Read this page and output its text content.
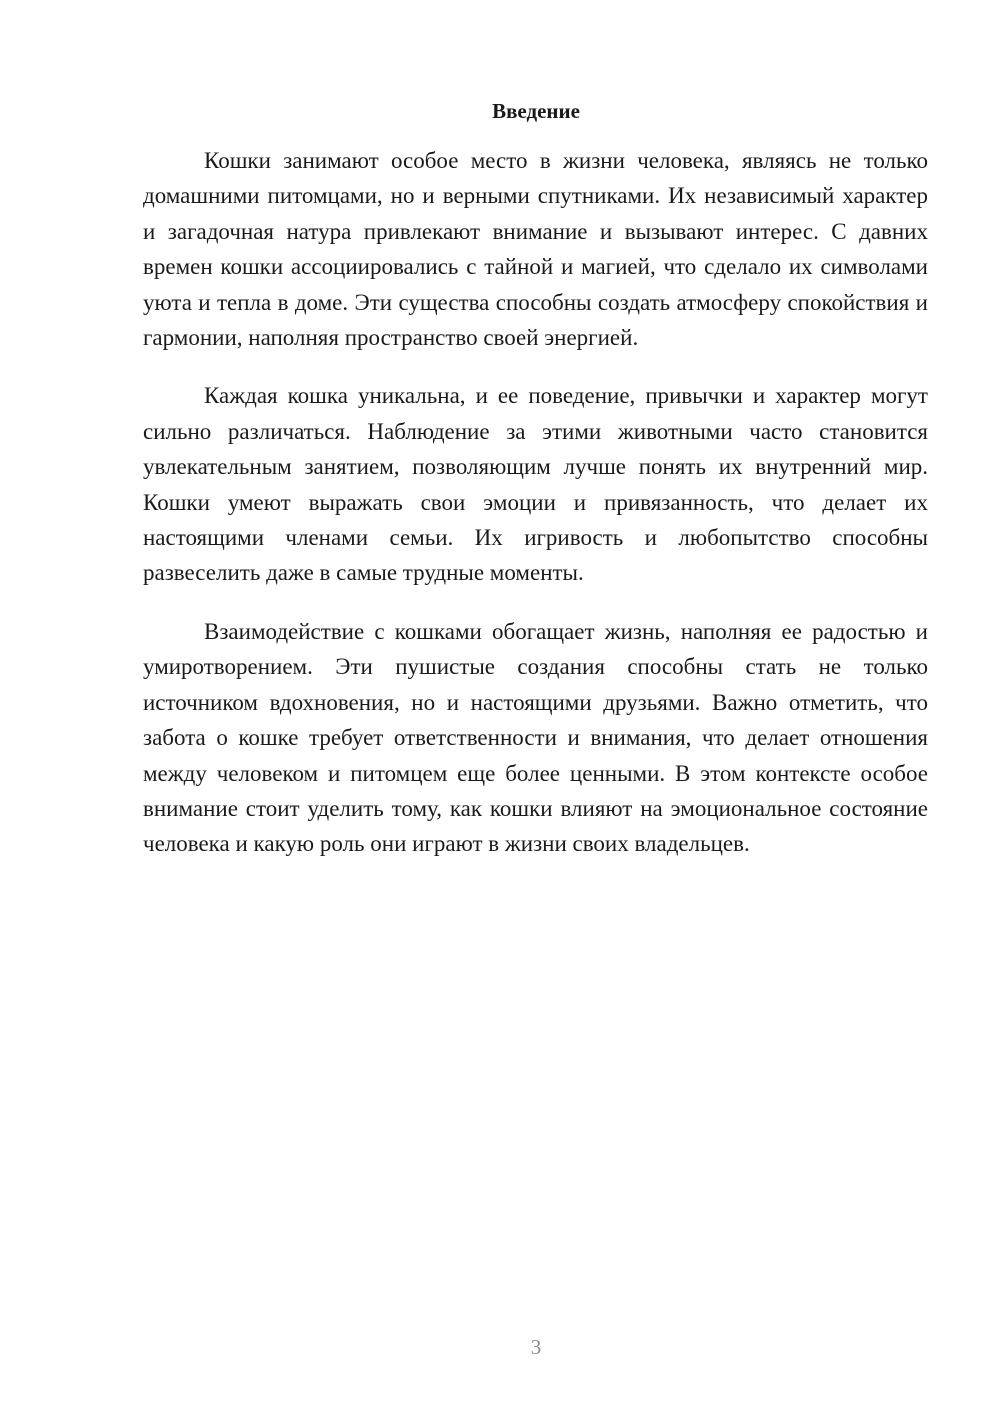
Введение

Кошки занимают особое место в жизни человека, являясь не только домашними питомцами, но и верными спутниками. Их независимый характер и загадочная натура привлекают внимание и вызывают интерес. С давних времен кошки ассоциировались с тайной и магией, что сделало их символами уюта и тепла в доме. Эти существа способны создать атмосферу спокойствия и гармонии, наполняя пространство своей энергией.

Каждая кошка уникальна, и ее поведение, привычки и характер могут сильно различаться. Наблюдение за этими животными часто становится увлекательным занятием, позволяющим лучше понять их внутренний мир. Кошки умеют выражать свои эмоции и привязанность, что делает их настоящими членами семьи. Их игривость и любопытство способны развеселить даже в самые трудные моменты.

Взаимодействие с кошками обогащает жизнь, наполняя ее радостью и умиротворением. Эти пушистые создания способны стать не только источником вдохновения, но и настоящими друзьями. Важно отметить, что забота о кошке требует ответственности и внимания, что делает отношения между человеком и питомцем еще более ценными. В этом контексте особое внимание стоит уделить тому, как кошки влияют на эмоциональное состояние человека и какую роль они играют в жизни своих владельцев.

3
